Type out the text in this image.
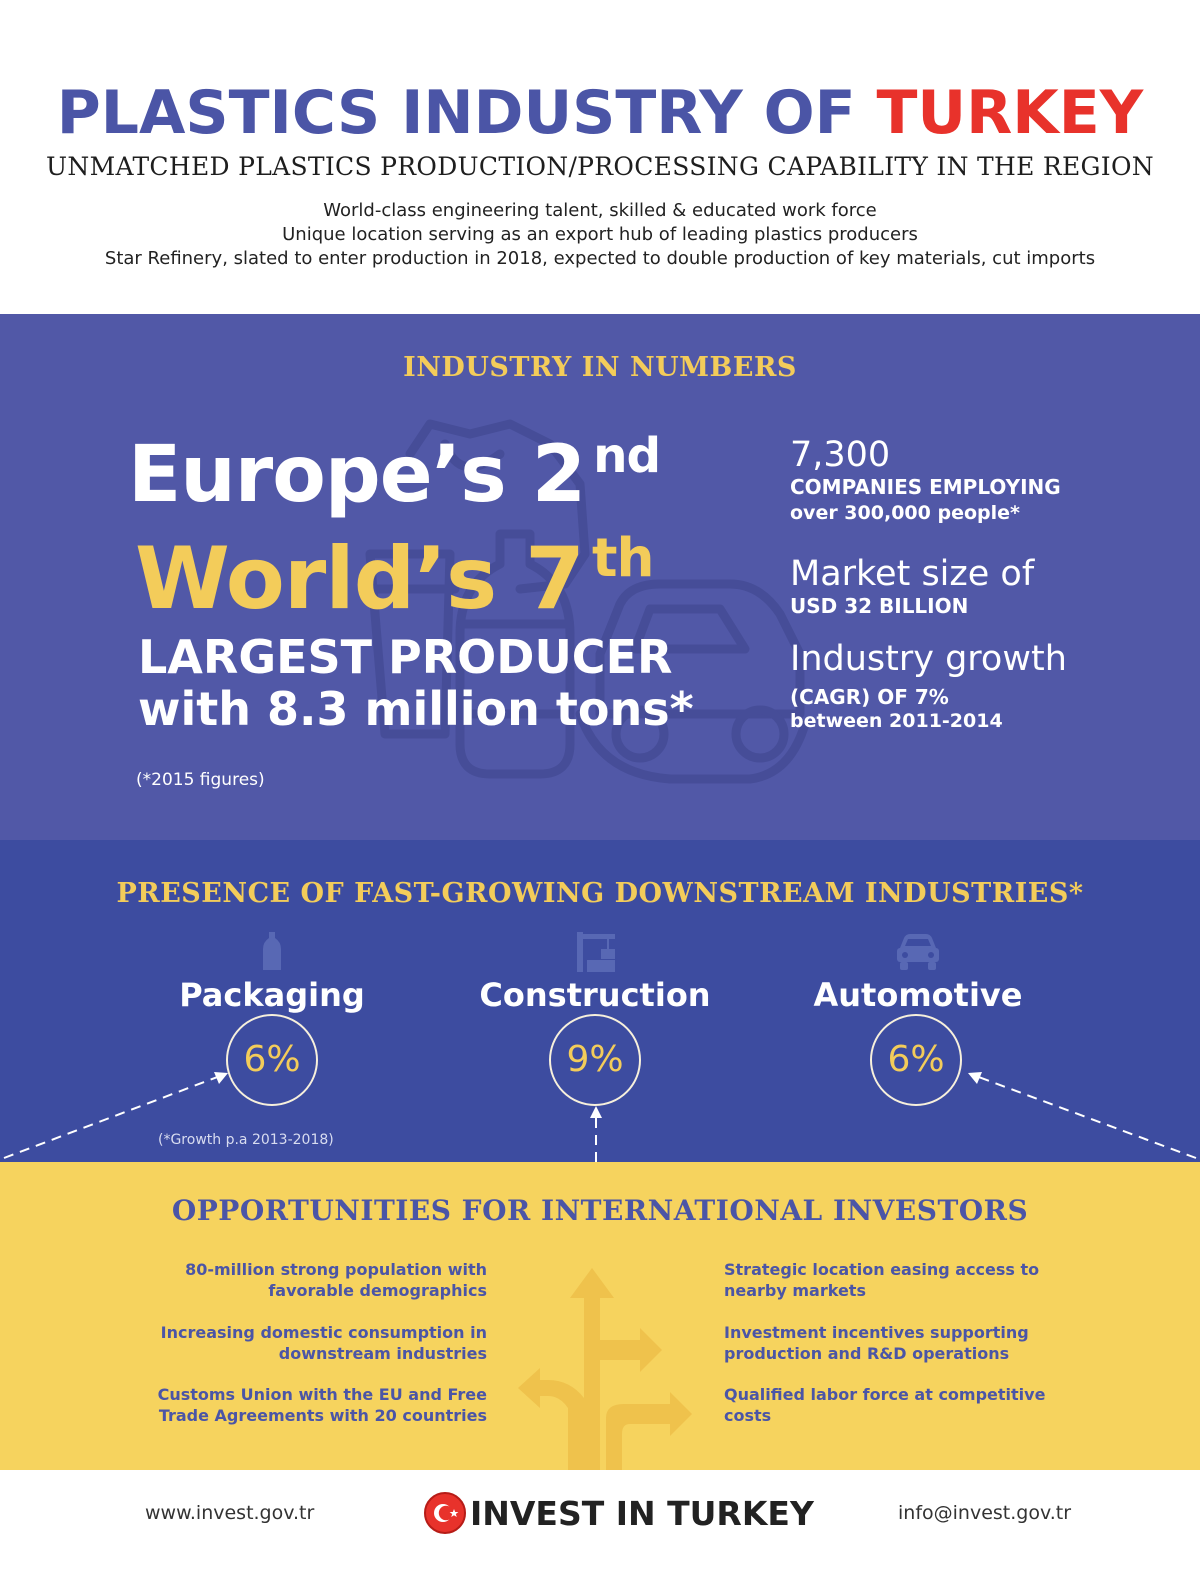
PLASTICS INDUSTRY OF TURKEY
UNMATCHED PLASTICS PRODUCTION/PROCESSING CAPABILITY IN THE REGION
World-class engineering talent, skilled & educated work force
Unique location serving as an export hub of leading plastics producers
Star Refinery, slated to enter production in 2018, expected to double production of key materials, cut imports
INDUSTRY IN NUMBERS
Europe’s 2 $^{nd}$
World’s 7 $^{th}$
LARGEST PRODUCER
with 8.3 million tons*
(*2015 figures)
7,300
COMPANIES EMPLOYING
over 300,000 people*
Market size of
USD 32 BILLION
Industry growth
(CAGR) OF 7%
between 2011-2014
PRESENCE OF FAST-GROWING DOWNSTREAM INDUSTRIES*
Packaging
6%
Construction
9%
Automotive
6%
(*Growth p.a 2013-2018)
OPPORTUNITIES FOR INTERNATIONAL INVESTORS
80-million strong population with favorable demographics
Increasing domestic consumption in downstream industries
Customs Union with the EU and Free Trade Agreements with 20 countries
Strategic location easing access to nearby markets
Investment incentives supporting production and R&D operations
Qualified labor force at competitive costs
www.invest.gov.tr	INVEST IN TURKEY	info@invest.gov.tr
